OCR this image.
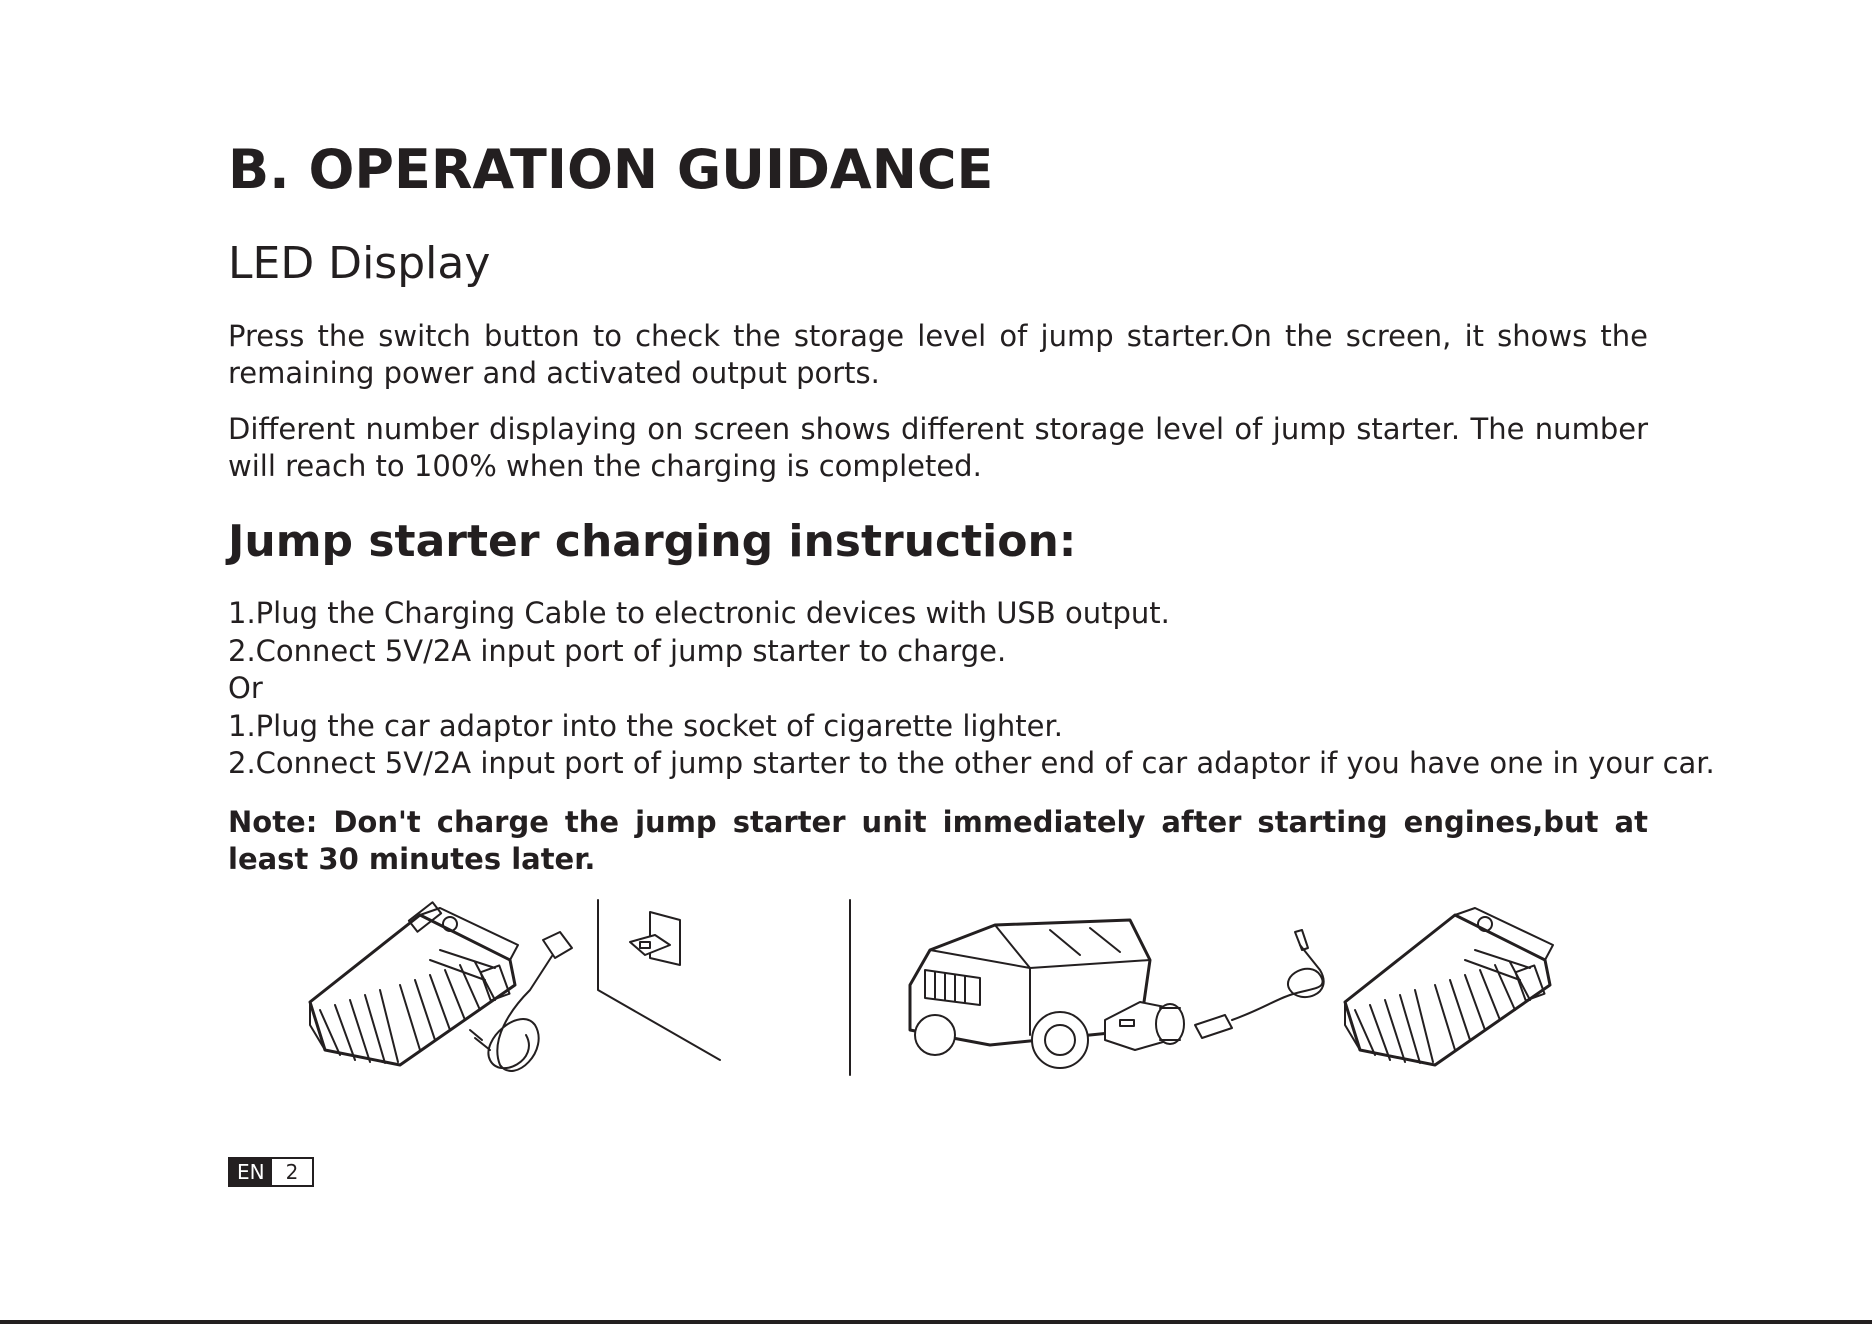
B. OPERATION GUIDANCE
LED Display

Press the switch button to check the storage level of jump starter.On the screen, it shows the remaining power and activated output ports.

Different number displaying on screen shows different storage level of jump starter. The number will reach to 100% when the charging is completed.

Jump starter charging instruction:
1.Plug the Charging Cable to electronic devices with USB output.
2.Connect 5V/2A input port of jump starter to charge.
Or
1.Plug the car adaptor into the socket of cigarette lighter.
2.Connect 5V/2A input port of jump starter to the other end of car adaptor if you have one in your car.

Note: Don't charge the jump starter unit immediately after starting engines,but at least 30 minutes later.

EN	2
